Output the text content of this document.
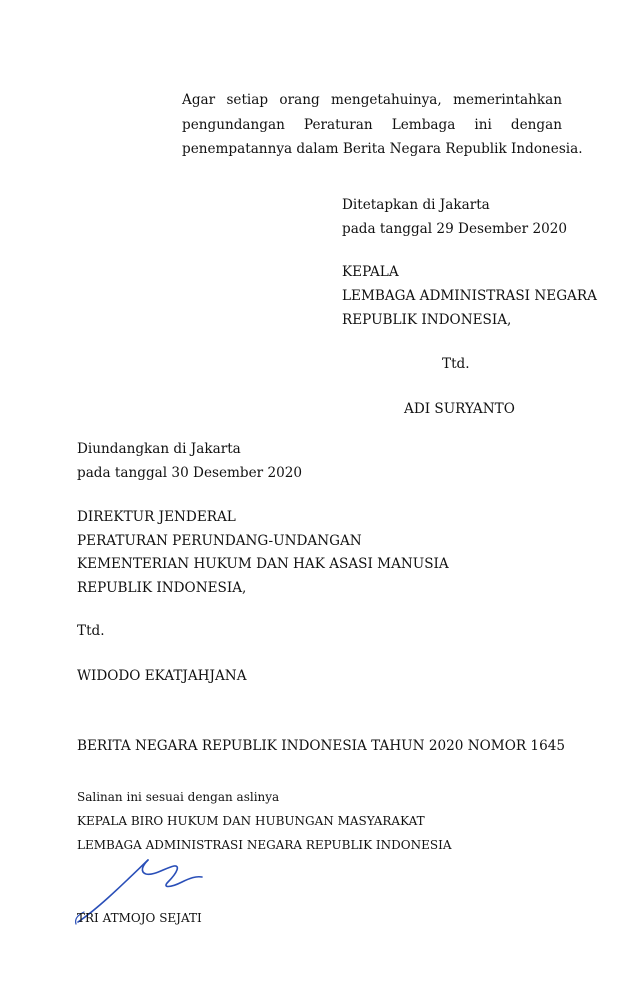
Agar setiap orang mengetahuinya, memerintahkan
pengundangan Peraturan Lembaga ini dengan
penempatannya dalam Berita Negara Republik Indonesia.
Ditetapkan di Jakarta
pada tanggal 29 Desember 2020
KEPALA
LEMBAGA ADMINISTRASI NEGARA
REPUBLIK INDONESIA,
Ttd.
ADI SURYANTO
Diundangkan di Jakarta
pada tanggal 30 Desember 2020
DIREKTUR JENDERAL
PERATURAN PERUNDANG-UNDANGAN
KEMENTERIAN HUKUM DAN HAK ASASI MANUSIA
REPUBLIK INDONESIA,
Ttd.
WIDODO EKATJAHJANA
BERITA NEGARA REPUBLIK INDONESIA TAHUN 2020 NOMOR 1645
Salinan ini sesuai dengan aslinya
KEPALA BIRO HUKUM DAN HUBUNGAN MASYARAKAT
LEMBAGA ADMINISTRASI NEGARA REPUBLIK INDONESIA
TRI ATMOJO SEJATI
